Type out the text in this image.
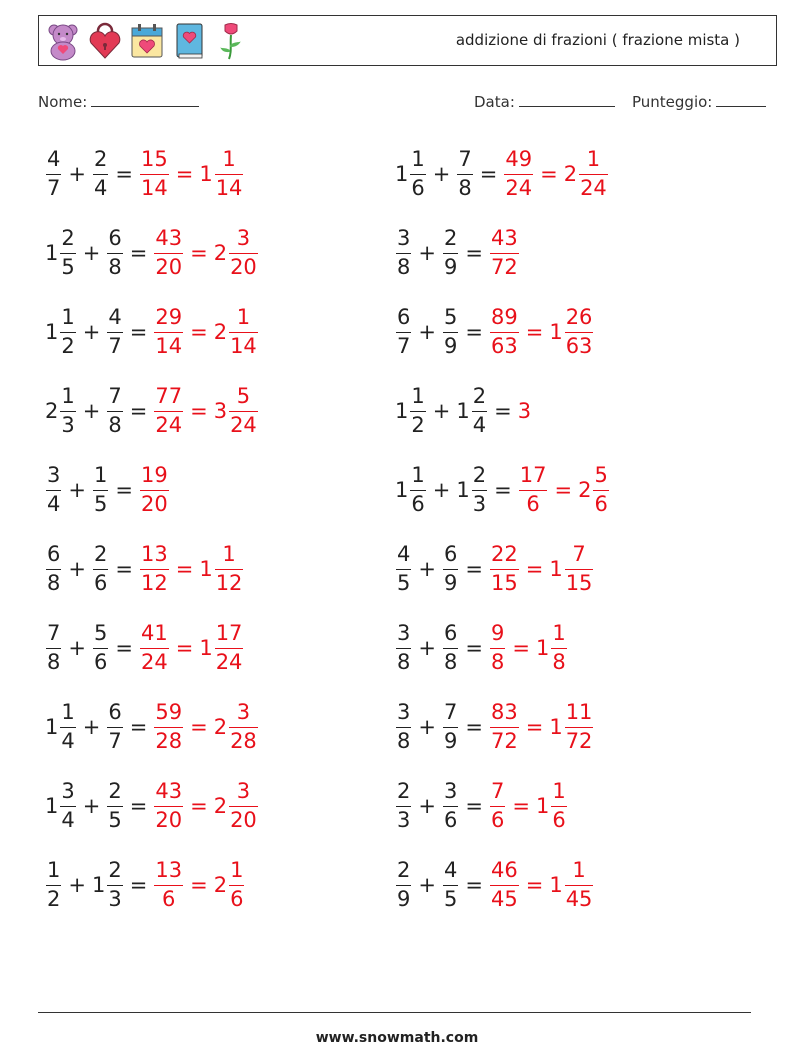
addizione di frazioni ( frazione mista )
Nome:	Data:	Punteggio:
$\frac{4}{7} + \frac{2}{4} = \frac{15}{14} = 1 \frac{1}{14}$	$1 \frac{1}{6} + \frac{7}{8} = \frac{49}{24} = 2 \frac{1}{24}$
$1 \frac{2}{5} + \frac{6}{8} = \frac{43}{20} = 2 \frac{3}{20}$	$\frac{3}{8} + \frac{2}{9} = \frac{43}{72}$
$1 \frac{1}{2} + \frac{4}{7} = \frac{29}{14} = 2 \frac{1}{14}$	$\frac{6}{7} + \frac{5}{9} = \frac{89}{63} = 1 \frac{26}{63}$
$2 \frac{1}{3} + \frac{7}{8} = \frac{77}{24} = 3 \frac{5}{24}$	$1 \frac{1}{2} + 1 \frac{2}{4} = 3$
$\frac{3}{4} + \frac{1}{5} = \frac{19}{20}$	$1 \frac{1}{6} + 1 \frac{2}{3} = \frac{17}{6} = 2 \frac{5}{6}$
$\frac{6}{8} + \frac{2}{6} = \frac{13}{12} = 1 \frac{1}{12}$	$\frac{4}{5} + \frac{6}{9} = \frac{22}{15} = 1 \frac{7}{15}$
$\frac{7}{8} + \frac{5}{6} = \frac{41}{24} = 1 \frac{17}{24}$	$\frac{3}{8} + \frac{6}{8} = \frac{9}{8} = 1 \frac{1}{8}$
$1 \frac{1}{4} + \frac{6}{7} = \frac{59}{28} = 2 \frac{3}{28}$	$\frac{3}{8} + \frac{7}{9} = \frac{83}{72} = 1 \frac{11}{72}$
$1 \frac{3}{4} + \frac{2}{5} = \frac{43}{20} = 2 \frac{3}{20}$	$\frac{2}{3} + \frac{3}{6} = \frac{7}{6} = 1 \frac{1}{6}$
$\frac{1}{2} + 1 \frac{2}{3} = \frac{13}{6} = 2 \frac{1}{6}$	$\frac{2}{9} + \frac{4}{5} = \frac{46}{45} = 1 \frac{1}{45}$
www.snowmath.com
